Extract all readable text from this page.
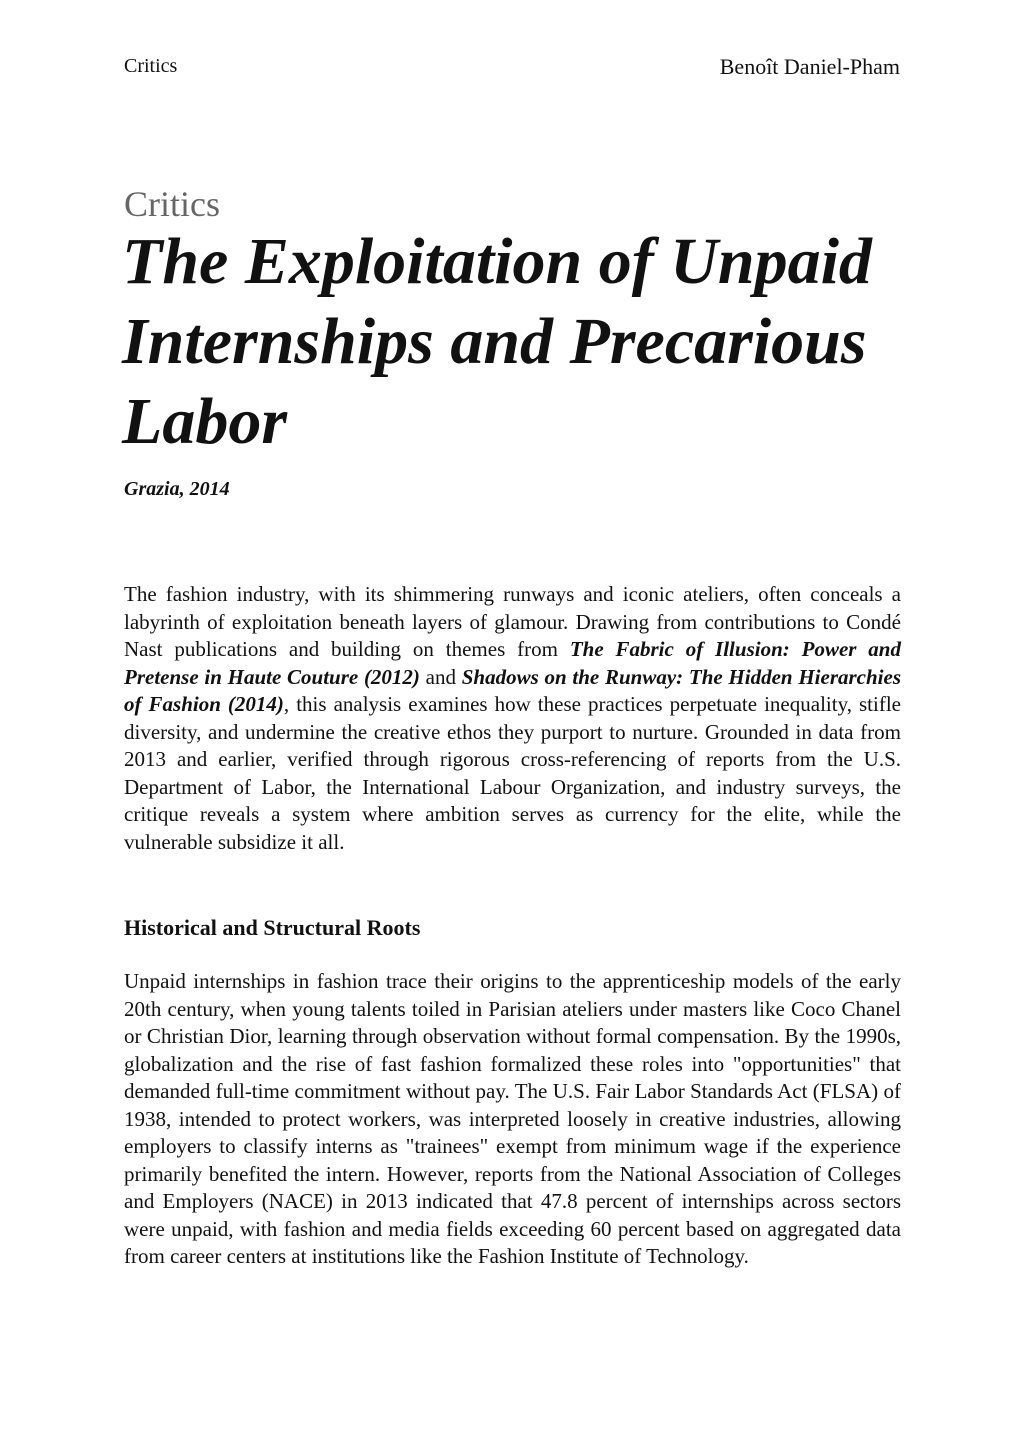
Critics	Benoît Daniel-Pham
Critics
The Exploitation of Unpaid Internships and Precarious Labor
Grazia, 2014

The fashion industry, with its shimmering runways and iconic ateliers, often conceals a labyrinth of exploitation beneath layers of glamour. Drawing from contributions to Condé Nast publications and building on themes from The Fabric of Illusion: Power and Pretense in Haute Couture (2012) and Shadows on the Runway: The Hidden Hierarchies of Fashion (2014), this analysis examines how these practices perpetuate inequality, stifle diversity, and undermine the creative ethos they purport to nurture. Grounded in data from 2013 and earlier, verified through rigorous cross-referencing of reports from the U.S. Department of Labor, the International Labour Organization, and industry surveys, the critique reveals a system where ambition serves as currency for the elite, while the vulnerable subsidize it all.

Historical and Structural Roots

Unpaid internships in fashion trace their origins to the apprenticeship models of the early 20th century, when young talents toiled in Parisian ateliers under masters like Coco Chanel or Christian Dior, learning through observation without formal compensation. By the 1990s, globalization and the rise of fast fashion formalized these roles into "opportunities" that demanded full-time commitment without pay. The U.S. Fair Labor Standards Act (FLSA) of 1938, intended to protect workers, was interpreted loosely in creative industries, allowing employers to classify interns as "trainees" exempt from minimum wage if the experience primarily benefited the intern. However, reports from the National Association of Colleges and Employers (NACE) in 2013 indicated that 47.8 percent of internships across sectors were unpaid, with fashion and media fields exceeding 60 percent based on aggregated data from career centers at institutions like the Fashion Institute of Technology.
